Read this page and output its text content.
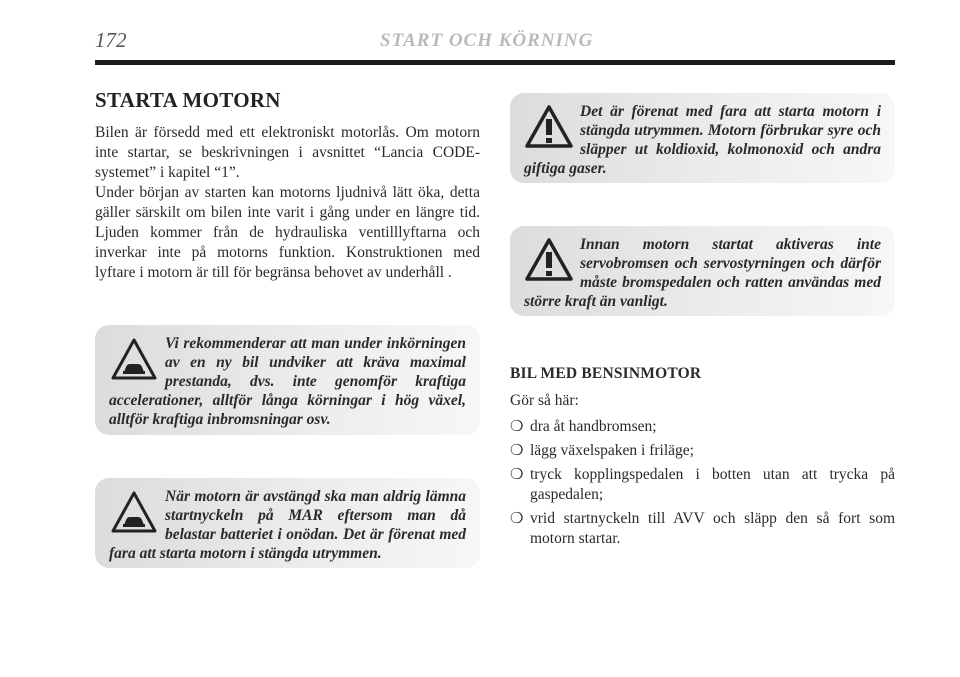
172	START OCH KÖRNING
STARTA MOTORN

Bilen är försedd med ett elektroniskt motorlås. Om motorn inte startar, se beskrivningen i avsnittet “Lancia CODE-systemet” i kapitel “1”.

Under början av starten kan motorns ljudnivå lätt öka, detta gäller särskilt om bilen inte varit i gång under en längre tid. Ljuden kommer från de hydrauliska ventilllyftarna och inverkar inte på motorns funktion. Konstruktionen med lyftare i motorn är till för begränsa behovet av underhåll .

Vi rekommenderar att man under inkörningen av en ny bil undviker att kräva maximal prestanda, dvs. inte genomför kraftiga accelerationer, alltför långa körningar i hög växel, alltför kraftiga inbromsningar osv.

När motorn är avstängd ska man aldrig lämna startnyckeln på MAR eftersom man då belastar batteriet i onödan. Det är förenat med fara att starta motorn i stängda utrymmen.

Det är förenat med fara att starta motorn i stängda utrymmen. Motorn förbrukar syre och släpper ut koldioxid, kolmonoxid och andra giftiga gaser.

Innan motorn startat aktiveras inte servobromsen och servostyrningen och därför måste bromspedalen och ratten användas med större kraft än vanligt.

BIL MED BENSINMOTOR
Gör så här:
❍ dra åt handbromsen;
❍ lägg växelspaken i friläge;
❍ tryck kopplingspedalen i botten utan att trycka på gaspedalen;
❍ vrid startnyckeln till AVV och släpp den så fort som motorn startar.
